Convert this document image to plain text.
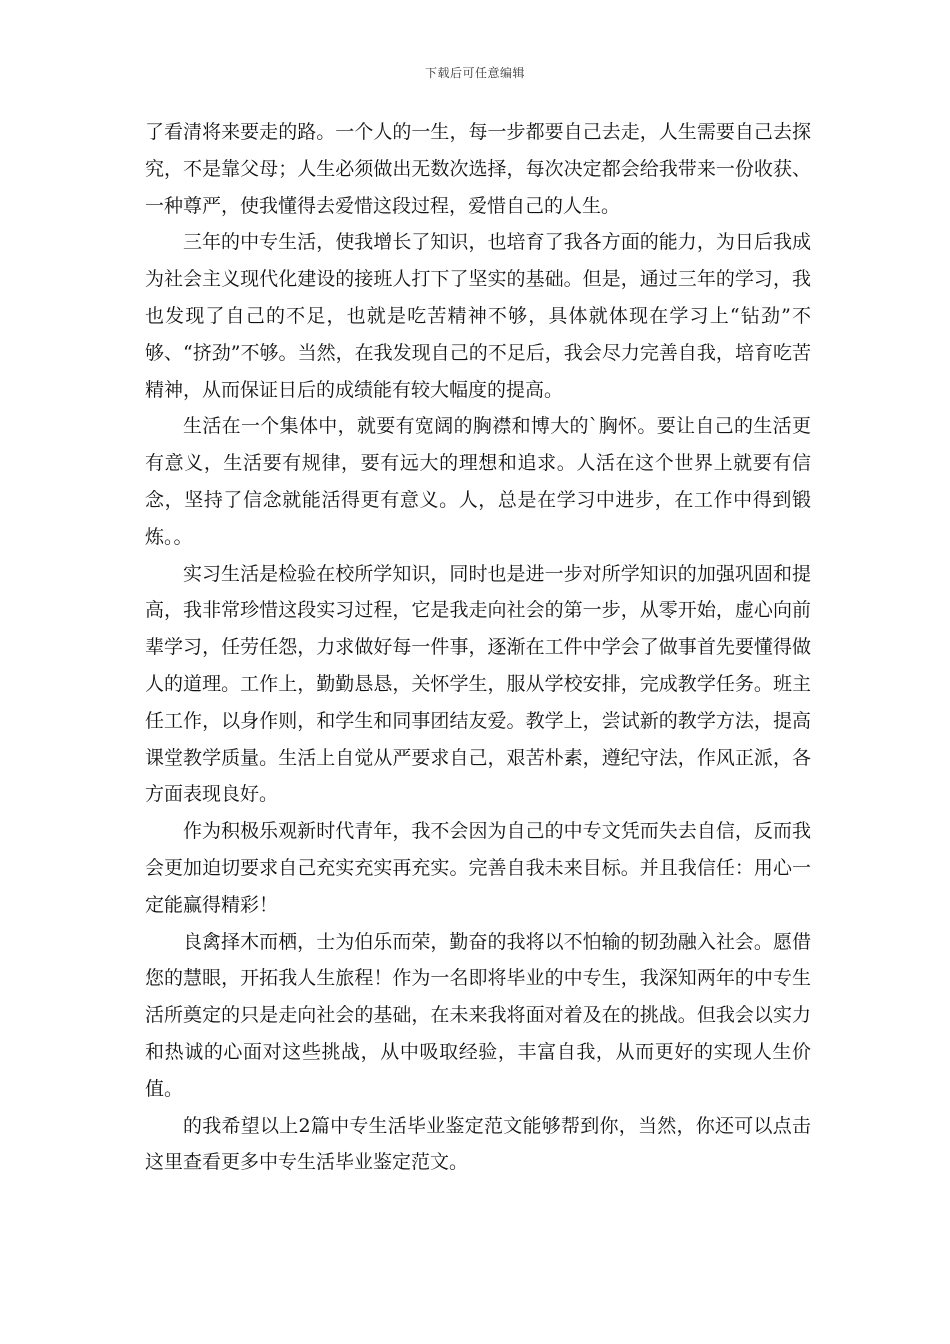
下载后可任意编辑

了看清将来要走的路。一个人的一生，每一步都要自己去走，人生需要自己去探究，不是靠父母；人生必须做出无数次选择，每次决定都会给我带来一份收获、一种尊严，使我懂得去爱惜这段过程，爱惜自己的人生。

三年的中专生活，使我增长了知识，也培育了我各方面的能力，为日后我成为社会主义现代化建设的接班人打下了坚实的基础。但是，通过三年的学习，我也发现了自己的不足，也就是吃苦精神不够，具体就体现在学习上“钻劲”不够、“挤劲”不够。当然，在我发现自己的不足后，我会尽力完善自我，培育吃苦精神，从而保证日后的成绩能有较大幅度的提高。

生活在一个集体中，就要有宽阔的胸襟和博大的`胸怀。要让自己的生活更有意义，生活要有规律，要有远大的理想和追求。人活在这个世界上就要有信念，坚持了信念就能活得更有意义。人，总是在学习中进步，在工作中得到锻炼。。

实习生活是检验在校所学知识，同时也是进一步对所学知识的加强巩固和提高，我非常珍惜这段实习过程，它是我走向社会的第一步，从零开始，虚心向前辈学习，任劳任怨，力求做好每一件事，逐渐在工件中学会了做事首先要懂得做人的道理。工作上，勤勤恳恳，关怀学生，服从学校安排，完成教学任务。班主任工作，以身作则，和学生和同事团结友爱。教学上，尝试新的教学方法，提高课堂教学质量。生活上自觉从严要求自己，艰苦朴素，遵纪守法，作风正派，各方面表现良好。

作为积极乐观新时代青年，我不会因为自己的中专文凭而失去自信，反而我会更加迫切要求自己充实充实再充实。完善自我未来目标。并且我信任：用心一定能赢得精彩！

良禽择木而栖，士为伯乐而荣，勤奋的我将以不怕输的韧劲融入社会。愿借您的慧眼，开拓我人生旅程！作为一名即将毕业的中专生，我深知两年的中专生活所奠定的只是走向社会的基础，在未来我将面对着及在的挑战。但我会以实力和热诚的心面对这些挑战，从中吸取经验，丰富自我，从而更好的实现人生价值。

的我希望以上2篇中专生活毕业鉴定范文能够帮到你，当然，你还可以点击这里查看更多中专生活毕业鉴定范文。
